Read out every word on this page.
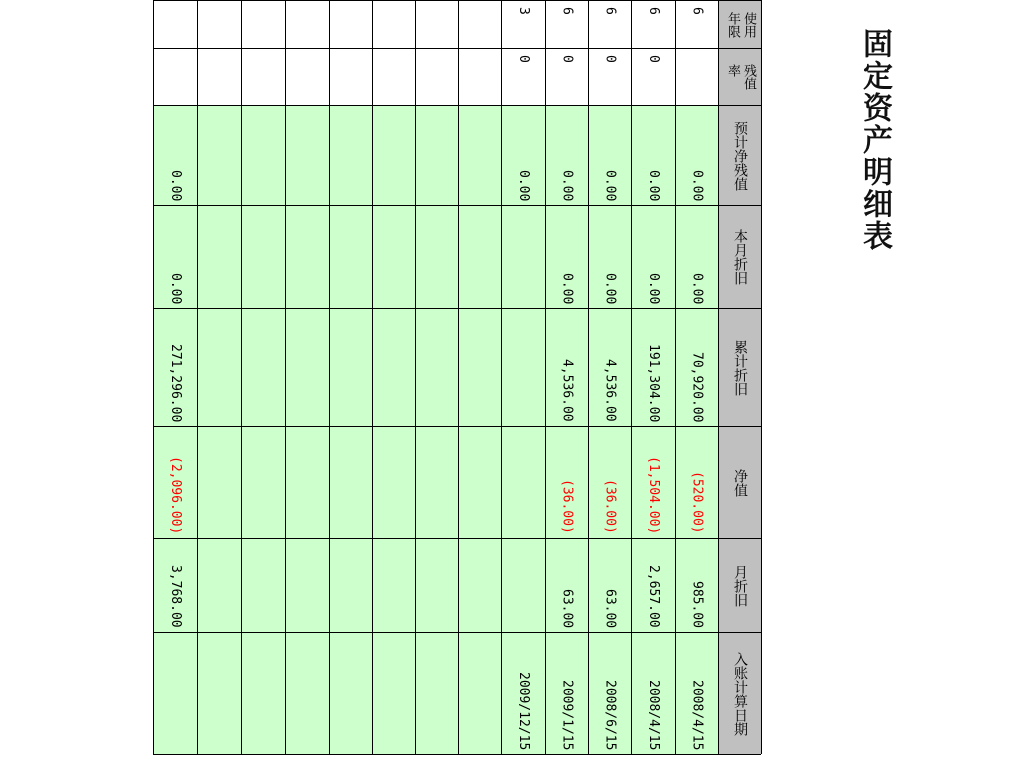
固定资产明细表
6
0.00
0.00
70,920.00
(520.00)
985.00
2008/4/15
6
0
0.00
0.00
191,304.00
(1,504.00)
2,657.00
2008/4/15
6
0
0.00
0.00
4,536.00
(36.00)
63.00
2008/6/15
6
0
0.00
0.00
4,536.00
(36.00)
63.00
2009/1/15
3
0
0.00
2009/12/15
0.00
0.00
271,296.00
(2,096.00)
3,768.00
使用
年限
残值
率
预计净残值
本月折旧
累计折旧
净值
月折旧
入账计算日期
